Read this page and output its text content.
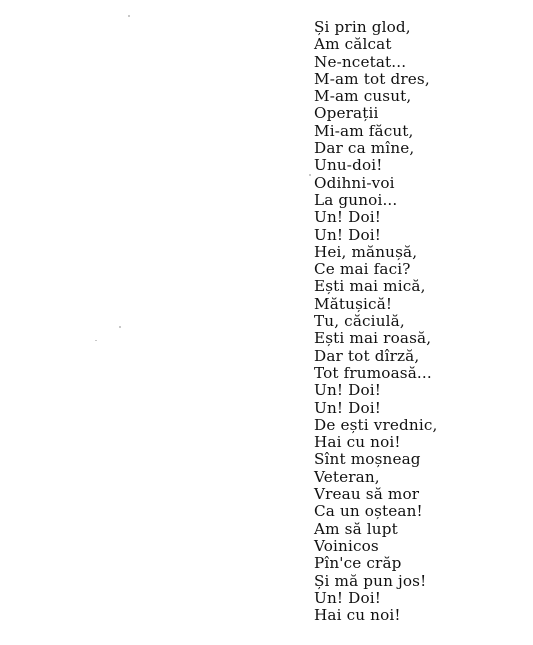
Și prin glod,
Am călcat
Ne-ncetat...
M-am tot dres,
M-am cusut,
Operații
Mi-am făcut,
Dar ca mîne,
Unu-doi!
Odihni-voi
La gunoi...
Un! Doi!
Un! Doi!
Hei, mănușă,
Ce mai faci?
Ești mai mică,
Mătușică!
Tu, căciulă,
Ești mai roasă,
Dar tot dîrză,
Tot frumoasă...
Un! Doi!
Un! Doi!
De ești vrednic,
Hai cu noi!
Sînt moșneag
Veteran,
Vreau să mor
Ca un oștean!
Am să lupt
Voinicos
Pîn'ce crăp
Și mă pun jos!
Un! Doi!
Hai cu noi!
